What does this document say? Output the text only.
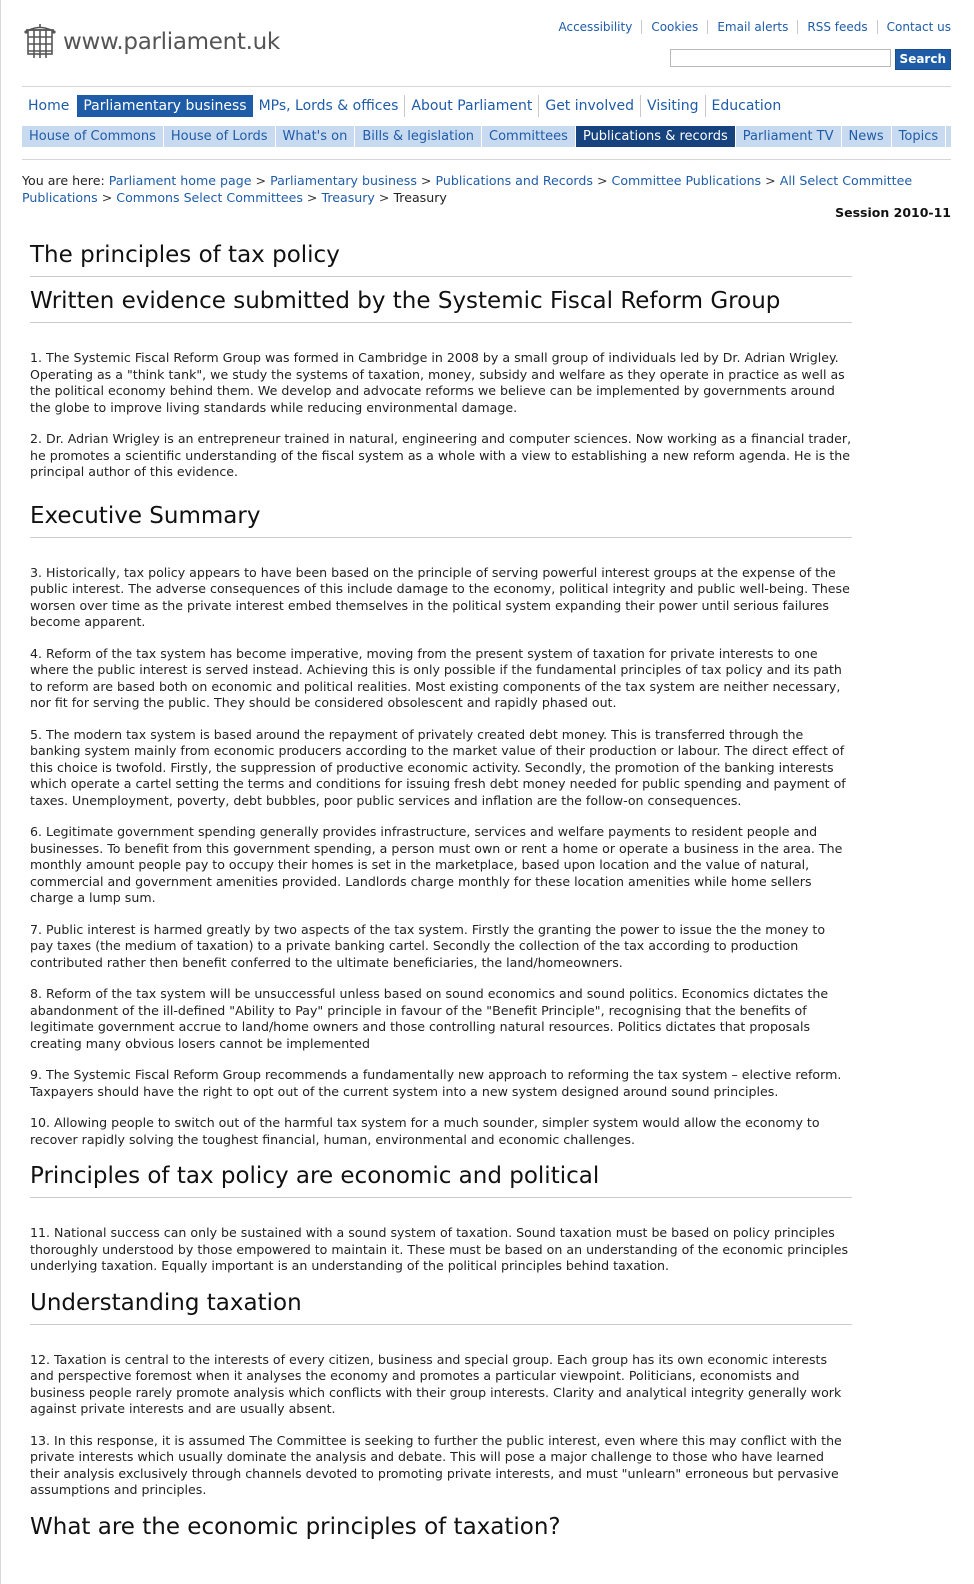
www.parliament.uk
Accessibility	Cookies	Email alerts	RSS feeds	Contact us
Search
Home	Parliamentary business MPs, Lords & offices About Parliament Get involved Visiting Education
House of Commons	House of Lords	What's on	Bills & legislation	Committees	Publications & records	Parliament TV	News	Topics
You are here: Parliament home page > Parliamentary business > Publications and Records > Committee Publications > All Select Committee Publications > Commons Select Committees > Treasury > Treasury
Session 2010-11
The principles of tax policy
Written evidence submitted by the Systemic Fiscal Reform Group

1. The Systemic Fiscal Reform Group was formed in Cambridge in 2008 by a small group of individuals led by Dr. Adrian Wrigley. Operating as a "think tank", we study the systems of taxation, money, subsidy and welfare as they operate in practice as well as the political economy behind them. We develop and advocate reforms we believe can be implemented by governments around the globe to improve living standards while reducing environmental damage.

2. Dr. Adrian Wrigley is an entrepreneur trained in natural, engineering and computer sciences. Now working as a financial trader, he promotes a scientific understanding of the fiscal system as a whole with a view to establishing a new reform agenda. He is the principal author of this evidence.

Executive Summary

3. Historically, tax policy appears to have been based on the principle of serving powerful interest groups at the expense of the public interest. The adverse consequences of this include damage to the economy, political integrity and public well-being. These worsen over time as the private interest embed themselves in the political system expanding their power until serious failures become apparent.

4. Reform of the tax system has become imperative, moving from the present system of taxation for private interests to one where the public interest is served instead. Achieving this is only possible if the fundamental principles of tax policy and its path to reform are based both on economic and political realities. Most existing components of the tax system are neither necessary, nor fit for serving the public. They should be considered obsolescent and rapidly phased out.

5. The modern tax system is based around the repayment of privately created debt money. This is transferred through the banking system mainly from economic producers according to the market value of their production or labour. The direct effect of this choice is twofold. Firstly, the suppression of productive economic activity. Secondly, the promotion of the banking interests which operate a cartel setting the terms and conditions for issuing fresh debt money needed for public spending and payment of taxes. Unemployment, poverty, debt bubbles, poor public services and inflation are the follow-on consequences.

6. Legitimate government spending generally provides infrastructure, services and welfare payments to resident people and businesses. To benefit from this government spending, a person must own or rent a home or operate a business in the area. The monthly amount people pay to occupy their homes is set in the marketplace, based upon location and the value of natural, commercial and government amenities provided. Landlords charge monthly for these location amenities while home sellers charge a lump sum.

7. Public interest is harmed greatly by two aspects of the tax system. Firstly the granting the power to issue the the money to pay taxes (the medium of taxation) to a private banking cartel. Secondly the collection of the tax according to production contributed rather then benefit conferred to the ultimate beneficiaries, the land/homeowners.

8. Reform of the tax system will be unsuccessful unless based on sound economics and sound politics. Economics dictates the abandonment of the ill-defined "Ability to Pay" principle in favour of the "Benefit Principle", recognising that the benefits of legitimate government accrue to land/home owners and those controlling natural resources. Politics dictates that proposals creating many obvious losers cannot be implemented

9. The Systemic Fiscal Reform Group recommends a fundamentally new approach to reforming the tax system – elective reform. Taxpayers should have the right to opt out of the current system into a new system designed around sound principles.

10. Allowing people to switch out of the harmful tax system for a much sounder, simpler system would allow the economy to recover rapidly solving the toughest financial, human, environmental and economic challenges.

Principles of tax policy are economic and political

11. National success can only be sustained with a sound system of taxation. Sound taxation must be based on policy principles thoroughly understood by those empowered to maintain it. These must be based on an understanding of the economic principles underlying taxation. Equally important is an understanding of the political principles behind taxation.

Understanding taxation

12. Taxation is central to the interests of every citizen, business and special group. Each group has its own economic interests and perspective foremost when it analyses the economy and promotes a particular viewpoint. Politicians, economists and business people rarely promote analysis which conflicts with their group interests. Clarity and analytical integrity generally work against private interests and are usually absent.

13. In this response, it is assumed The Committee is seeking to further the public interest, even where this may conflict with the private interests which usually dominate the analysis and debate. This will pose a major challenge to those who have learned their analysis exclusively through channels devoted to promoting private interests, and must "unlearn" erroneous but pervasive assumptions and principles.

What are the economic principles of taxation?
